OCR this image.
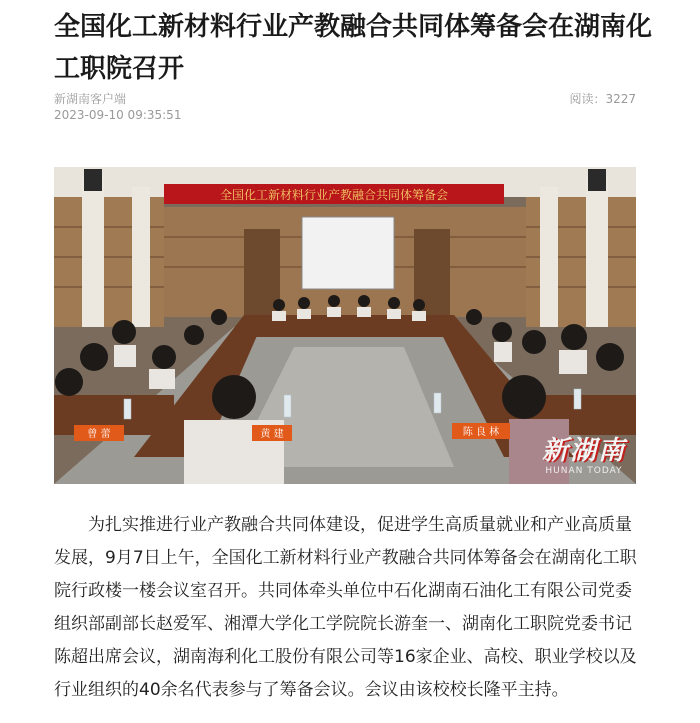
全国化工新材料行业产教融合共同体筹备会在湖南化工职院召开
新湖南客户端	阅读：3227
2023-09-10 09:35:51
全国化工新材料行业产教融合共同体筹备会
曾 蕾	黄 建	陈 良 林
新湖南
HUNAN TODAY

为扎实推进行业产教融合共同体建设，促进学生高质量就业和产业高质量发展，9月7日上午，全国化工新材料行业产教融合共同体筹备会在湖南化工职院行政楼一楼会议室召开。共同体牵头单位中石化湖南石油化工有限公司党委组织部副部长赵爱军、湘潭大学化工学院院长游奎一、湖南化工职院党委书记陈超出席会议，湖南海利化工股份有限公司等16家企业、高校、职业学校以及行业组织的40余名代表参与了筹备会议。会议由该校校长隆平主持。
